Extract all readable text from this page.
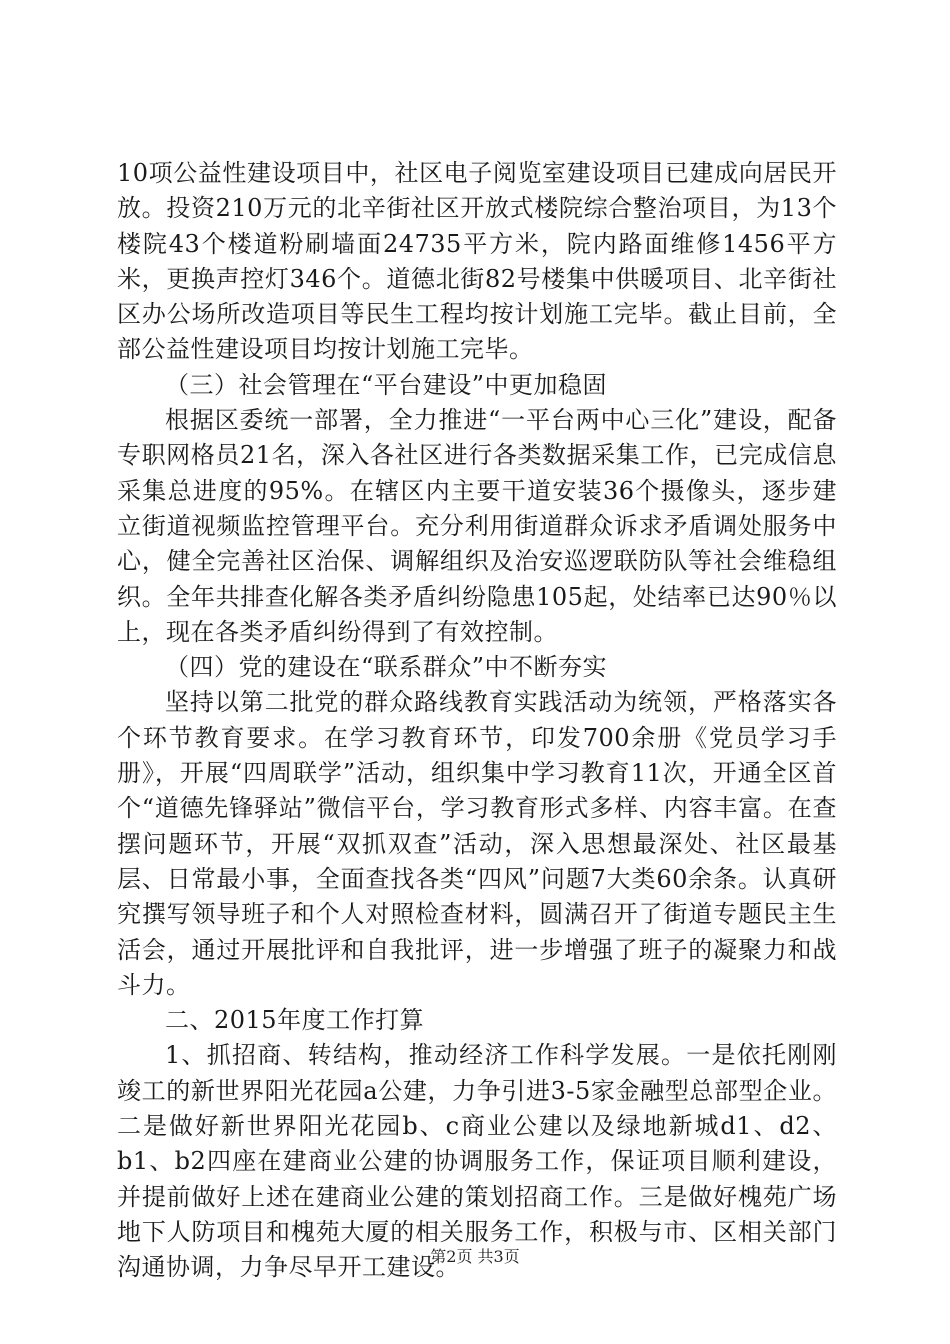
10项公益性建设项目中，社区电子阅览室建设项目已建成向居民开放。投资210万元的北辛街社区开放式楼院综合整治项目，为13个楼院43个楼道粉刷墙面24735平方米，院内路面维修1456平方米，更换声控灯346个。道德北街82号楼集中供暖项目、北辛街社区办公场所改造项目等民生工程均按计划施工完毕。截止目前，全部公益性建设项目均按计划施工完毕。

（三）社会管理在“平台建设”中更加稳固

根据区委统一部署，全力推进“一平台两中心三化”建设，配备专职网格员21名，深入各社区进行各类数据采集工作，已完成信息采集总进度的95%。在辖区内主要干道安装36个摄像头，逐步建立街道视频监控管理平台。充分利用街道群众诉求矛盾调处服务中心，健全完善社区治保、调解组织及治安巡逻联防队等社会维稳组织。全年共排查化解各类矛盾纠纷隐患105起，处结率已达90％以上，现在各类矛盾纠纷得到了有效控制。

（四）党的建设在“联系群众”中不断夯实

坚持以第二批党的群众路线教育实践活动为统领，严格落实各个环节教育要求。在学习教育环节，印发700余册《党员学习手册》，开展“四周联学”活动，组织集中学习教育11次，开通全区首个“道德先锋驿站”微信平台，学习教育形式多样、内容丰富。在查摆问题环节，开展“双抓双查”活动，深入思想最深处、社区最基层、日常最小事，全面查找各类“四风”问题7大类60余条。认真研究撰写领导班子和个人对照检查材料，圆满召开了街道专题民主生活会，通过开展批评和自我批评，进一步增强了班子的凝聚力和战斗力。

二、2015年度工作打算

1、抓招商、转结构，推动经济工作科学发展。一是依托刚刚竣工的新世界阳光花园a公建，力争引进3-5家金融型总部型企业。二是做好新世界阳光花园b、c商业公建以及绿地新城d1、d2、b1、b2四座在建商业公建的协调服务工作，保证项目顺利建设，并提前做好上述在建商业公建的策划招商工作。三是做好槐苑广场地下人防项目和槐苑大厦的相关服务工作，积极与市、区相关部门沟通协调，力争尽早开工建设。

第2页 共3页
